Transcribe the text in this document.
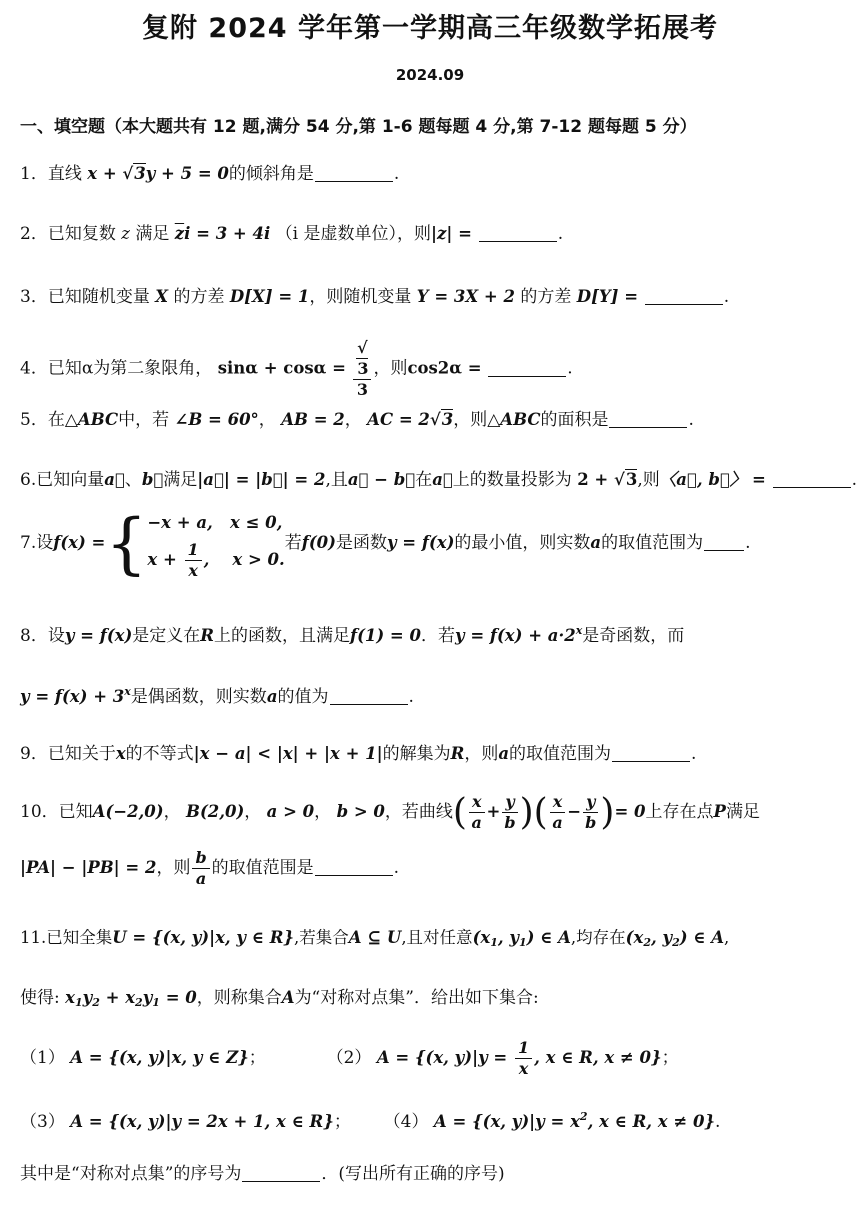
复附 2024 学年第一学期高三年级数学拓展考
2024.09
一、填空题（本大题共有 12 题,满分 54 分,第 1-6 题每题 4 分,第 7-12 题每题 5 分）
1．直线 x + √3y + 5 = 0的倾斜角是	.
2．已知复数 z 满足 $\overline{z}i = 3 + 4i$ （i 是虚数单位），则|z| =	.
3．已知随机变量 X 的方差 D[X] = 1，则随机变量 Y = 3X + 2 的方差 D[Y] =	.
4．已知α为第二象限角， sinα + cosα = √
3
3 ，则cos2α =	.
5．在△ABC中，若 ∠B = 60°， AB = 2， AC = 2√3，则△ABC的面积是	.
6.已知向量a⃗、b⃗满足|a⃗| = |b⃗| = 2,且a⃗ − b⃗在a⃗上的数量投影为 2 + √3,则〈a⃗, b⃗〉 =	.
7.设f(x) ={ −x + a,   x ≤ 0,
$x + \frac{1}{x}$ ,    x > 0.
若f(0)是函数y = f(x)的最小值，则实数a的取值范围为 .
8．设y = f(x)是定义在R上的函数，且满足f(1) = 0．若$y = f(x) + a\cdot 2^x$是奇函数，而
$y = f(x) + 3^x$是偶函数，则实数a的值为	.
9．已知关于x的不等式|x − a| < |x| + |x + 1|的解集为R，则a的取值范围为	.
10．已知A(−2,0)， B(2,0)， a > 0， b > 0，若曲线( $\frac{x}{a} + \frac{y}{b}$ )( $\frac{x}{a} - \frac{y}{b}$ )= 0上存在点P满足
|PA| − |PB| = 2，则 $\frac{b}{a}$ 的取值范围是	.
11.已知全集U = {(x, y)|x, y ∈ R},若集合A ⊆ U,且对任意($x_1$, $y_1$) ∈ A,均存在($x_2$, $y_2$) ∈ A,
使得: $x_1y_2 + x_2y_1 = 0$，则称集合A为“对称对点集”．给出如下集合:
（1） A = {(x, y)|x, y ∈ Z}；	（2） A = {(x, $y)|y = \frac{1}{x}$ , x ∈ R, x ≠ 0}；
（3） A = {(x, y)|y = 2x + 1, x ∈ R}； （4） A = {(x, $y)|y = x^2$, x ∈ R, x ≠ 0}.
其中是“对称对点集”的序号为	．(写出所有正确的序号)
